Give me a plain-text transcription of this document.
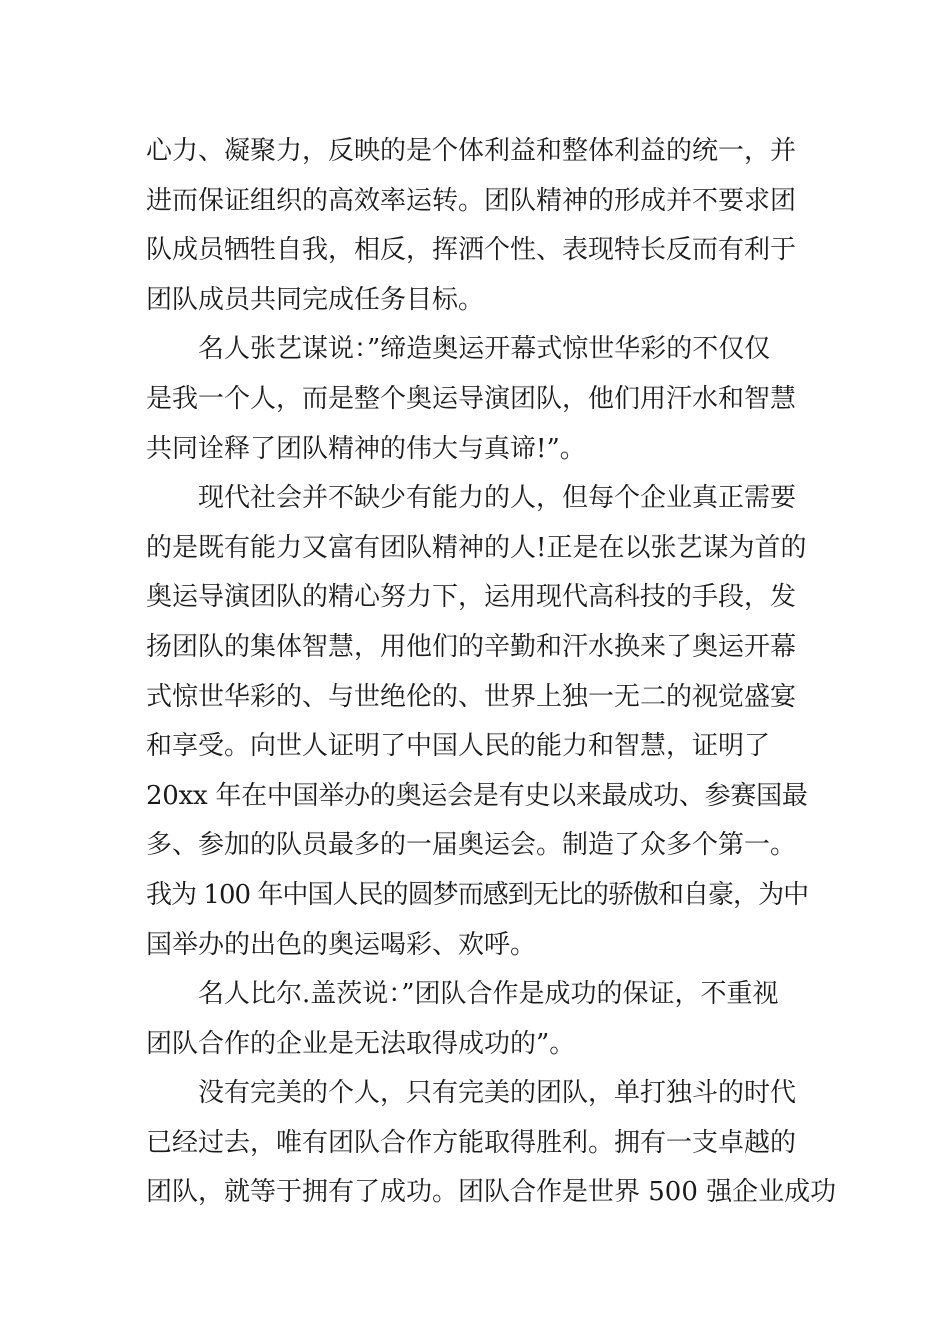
心力、凝聚力，反映的是个体利益和整体利益的统一，并
进而保证组织的高效率运转。团队精神的形成并不要求团
队成员牺牲自我，相反，挥洒个性、表现特长反而有利于
团队成员共同完成任务目标。
名人张艺谋说：”缔造奥运开幕式惊世华彩的不仅仅
是我一个人，而是整个奥运导演团队，他们用汗水和智慧
共同诠释了团队精神的伟大与真谛!”。
现代社会并不缺少有能力的人，但每个企业真正需要
的是既有能力又富有团队精神的人!正是在以张艺谋为首的
奥运导演团队的精心努力下，运用现代高科技的手段，发
扬团队的集体智慧，用他们的辛勤和汗水换来了奥运开幕
式惊世华彩的、与世绝伦的、世界上独一无二的视觉盛宴
和享受。向世人证明了中国人民的能力和智慧，证明了
20xx 年在中国举办的奥运会是有史以来最成功、参赛国最
多、参加的队员最多的一届奥运会。制造了众多个第一。
我为 100 年中国人民的圆梦而感到无比的骄傲和自豪，为中
国举办的出色的奥运喝彩、欢呼。
名人比尔.盖茨说：”团队合作是成功的保证，不重视
团队合作的企业是无法取得成功的”。
没有完美的个人，只有完美的团队，单打独斗的时代
已经过去，唯有团队合作方能取得胜利。拥有一支卓越的
团队，就等于拥有了成功。团队合作是世界 500 强企业成功
